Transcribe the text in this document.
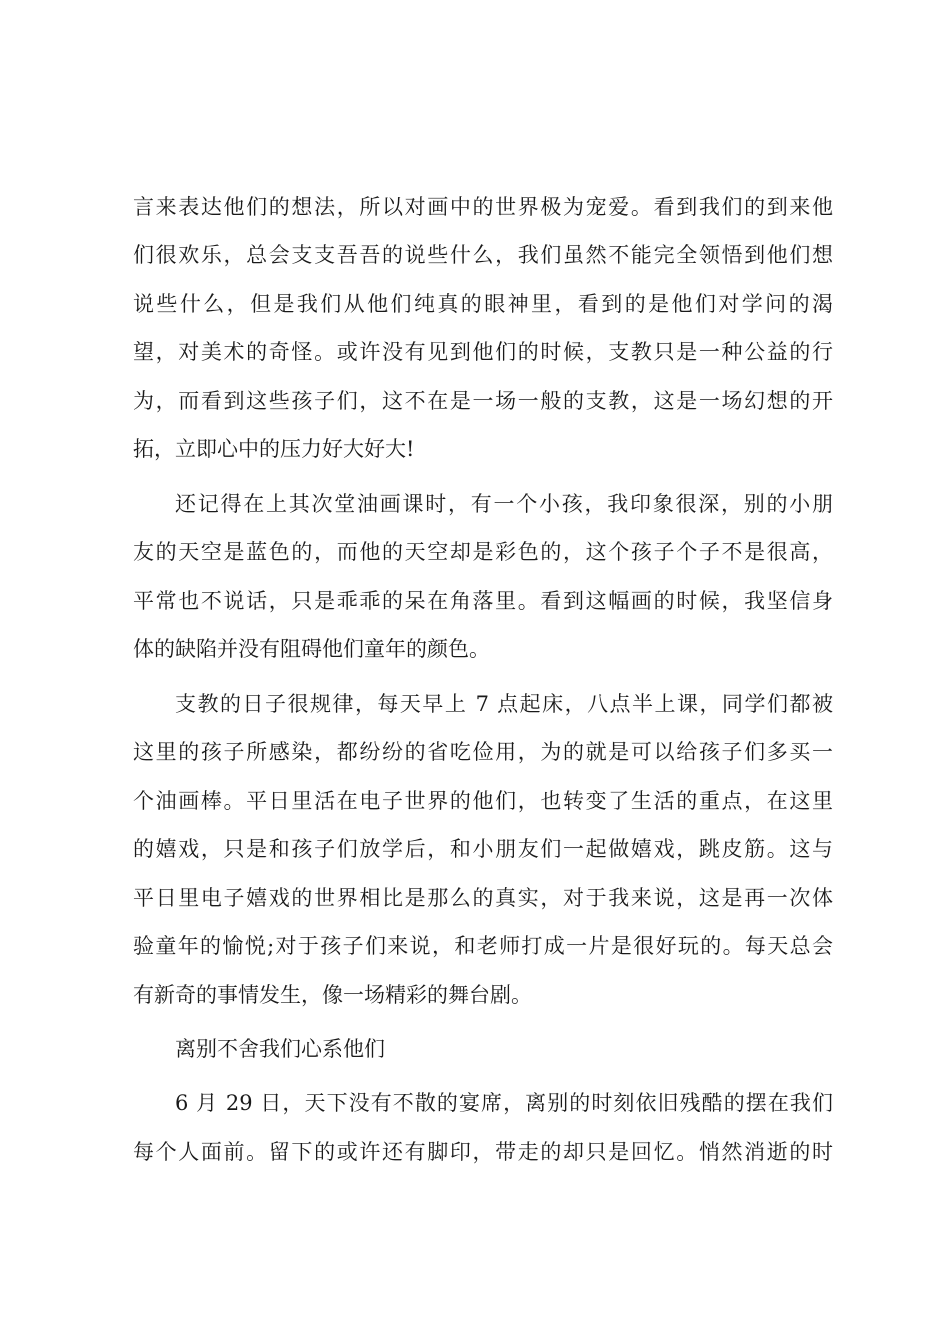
言来表达他们的想法，所以对画中的世界极为宠爱。看到我们的到来他
们很欢乐，总会支支吾吾的说些什么，我们虽然不能完全领悟到他们想
说些什么，但是我们从他们纯真的眼神里，看到的是他们对学问的渴
望，对美术的奇怪。或许没有见到他们的时候，支教只是一种公益的行
为，而看到这些孩子们，这不在是一场一般的支教，这是一场幻想的开
拓，立即心中的压力好大好大!
还记得在上其次堂油画课时，有一个小孩，我印象很深，别的小朋
友的天空是蓝色的，而他的天空却是彩色的，这个孩子个子不是很高，
平常也不说话，只是乖乖的呆在角落里。看到这幅画的时候，我坚信身
体的缺陷并没有阻碍他们童年的颜色。
支教的日子很规律，每天早上 7 点起床，八点半上课，同学们都被
这里的孩子所感染，都纷纷的省吃俭用，为的就是可以给孩子们多买一
个油画棒。平日里活在电子世界的他们，也转变了生活的重点，在这里
的嬉戏，只是和孩子们放学后，和小朋友们一起做嬉戏，跳皮筋。这与
平日里电子嬉戏的世界相比是那么的真实，对于我来说，这是再一次体
验童年的愉悦;对于孩子们来说，和老师打成一片是很好玩的。每天总会
有新奇的事情发生，像一场精彩的舞台剧。
离别不舍我们心系他们
6 月 29 日，天下没有不散的宴席，离别的时刻依旧残酷的摆在我们
每个人面前。留下的或许还有脚印，带走的却只是回忆。悄然消逝的时
